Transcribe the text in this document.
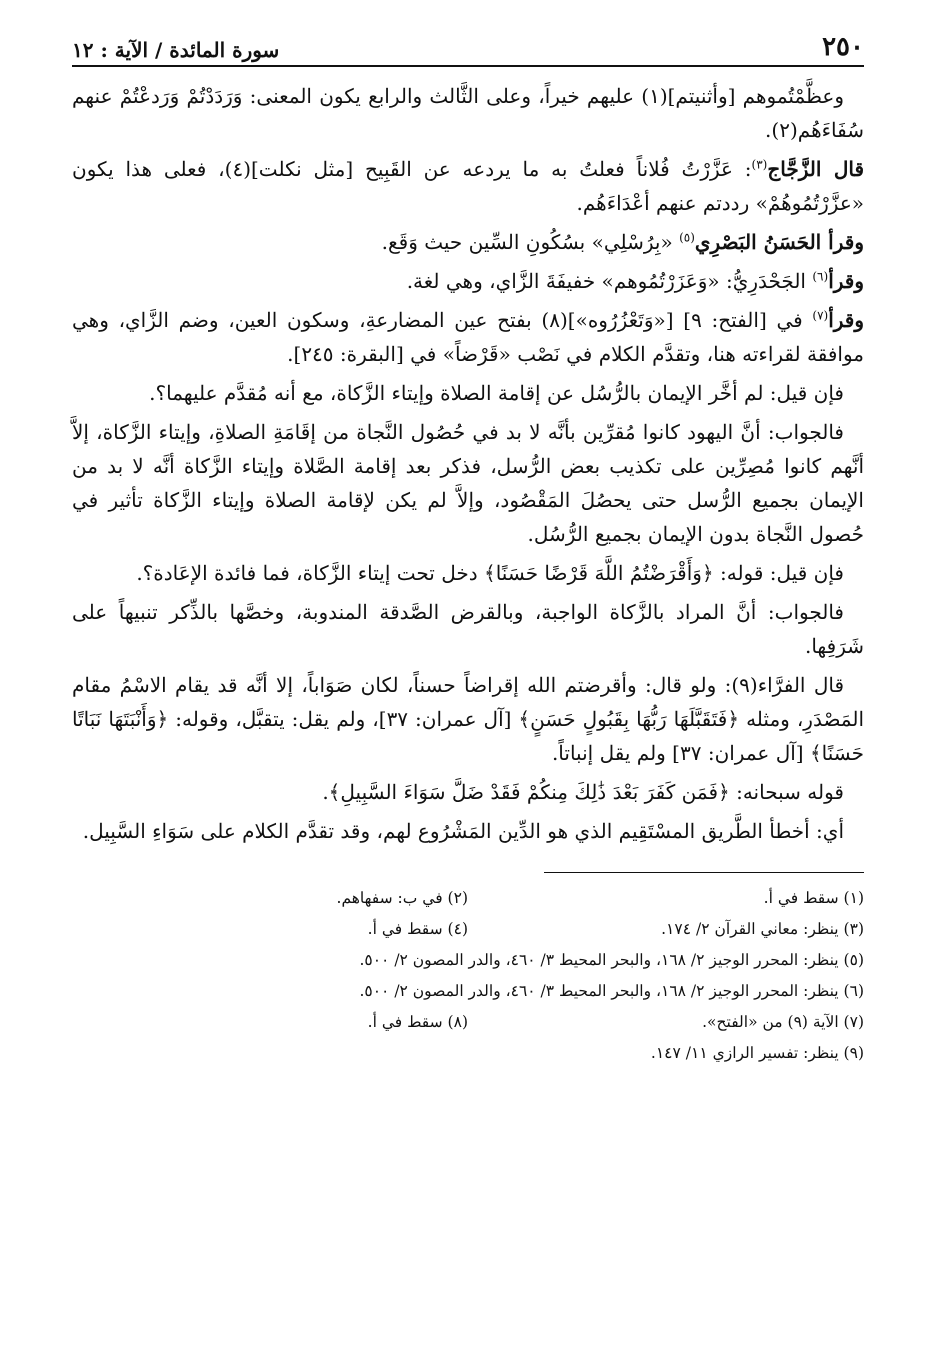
٢٥٠
سورة المائدة / الآية : ١٢

وعظَّمْتُموهم [وأثنيتم](١) عليهم خيراً، وعلى الثَّالث والرابع يكون المعنى: وَرَدَدْتُمْ وَرَدعْتُمْ عنهم سُفَاءَهُم(٢).

قال الزَّجَّاج$^{(٣)}$: عَزَّرْتُ فُلاناً فعلتُ به ما يردعه عن القَبِيح [مثل نكلت](٤)، فعلى هذا يكون «عزَّرْتُمُوهُمْ» رددتم عنهم أعْدَاءَهُم.

وقرأ الحَسَنُ البَصْرِي$^{(٥)}$ «بِرُسْلِي» بسُكُونِ السِّين حيث وَقَع.

وقرأ$^{(٦)}$ الجَحْدَرِيُّ: «وَعَزَرْتُمُوهم» خفيفَةَ الزَّاي، وهي لغة.

وقرأ$^{(٧)}$ في [الفتح: ٩] [«وَتَعْزُرُوه»](٨) بفتح عين المضارعةِ، وسكون العين، وضم الزَّاي، وهي موافقة لقراءته هنا، وتقدَّم الكلام في نَصْب «قَرْضاً» في [البقرة: ٢٤٥].

فإن قيل: لم أخَّر الإيمان بالرُّسُل عن إقامة الصلاة وإيتاء الزَّكاة، مع أنه مُقدَّم عليهما؟.

فالجواب: أنَّ اليهود كانوا مُقرِّين بأنَّه لا بد في حُصُول النَّجاة من إقَامَةِ الصلاةِ، وإيتاء الزَّكاة، إلاَّ أنَّهم كانوا مُصِرِّين على تكذيب بعض الرُّسل، فذكر بعد إقامة الصَّلاة وإيتاء الزَّكاة أنَّه لا بد من الإيمان بجميع الرُّسل حتى يحصُلَ المَقْصُود، وإلاَّ لم يكن لإقامة الصلاة وإيتاء الزَّكاة تأثير في حُصول النَّجاة بدون الإيمان بجميع الرُّسُل.

فإن قيل: قوله: ﴿وَأَقْرَضْتُمُ اللَّهَ قَرْضًا حَسَنًا﴾ دخل تحت إيتاء الزَّكاة، فما فائدة الإعَادة؟.

فالجواب: أنَّ المراد بالزَّكاة الواجبة، وبالقرض الصَّدقة المندوبة، وخصَّها بالذِّكر تنبيهاً على شَرَفِها.

قال الفرَّاء(٩): ولو قال: وأقرضتم الله إقراضاً حسناً، لكان صَوَاباً، إلا أنَّه قد يقام الاسْمُ مقام المَصْدَرِ، ومثله ﴿فَتَقَبَّلَهَا رَبُّهَا بِقَبُولٍ حَسَنٍ﴾ [آل عمران: ٣٧]، ولم يقل: يتقبَّل، وقوله: ﴿وَأَنْبَتَهَا نَبَاتًا حَسَنًا﴾ [آل عمران: ٣٧] ولم يقل إنباتاً.

قوله سبحانه: ﴿فَمَن كَفَرَ بَعْدَ ذَٰلِكَ مِنكُمْ فَقَدْ ضَلَّ سَوَاءَ السَّبِيلِ﴾.

أي: أخطأ الطَّريق المسْتَقِيم الذي هو الدِّين المَشْرُوع لهم، وقد تقدَّم الكلام على سَوَاءِ السَّبِيل.

(١) سقط في أ.
(٢) في ب: سفهاهم.
(٣) ينظر: معاني القرآن ٢/ ١٧٤.
(٤) سقط في أ.
(٥) ينظر: المحرر الوجيز ٢/ ١٦٨، والبحر المحيط ٣/ ٤٦٠، والدر المصون ٢/ ٥٠٠.
(٦) ينظر: المحرر الوجيز ٢/ ١٦٨، والبحر المحيط ٣/ ٤٦٠، والدر المصون ٢/ ٥٠٠.
(٧) الآية (٩) من «الفتح».
(٨) سقط في أ.
(٩) ينظر: تفسير الرازي ١١/ ١٤٧.
